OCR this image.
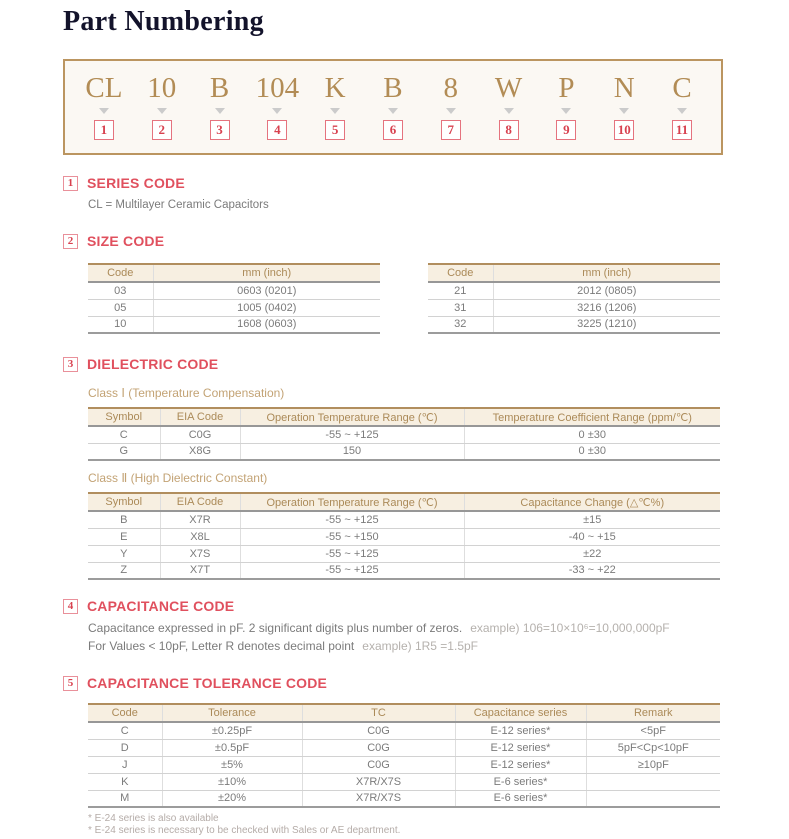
Part Numbering
CL
1
10
2
B
3
104
4
K
5
B
6
8
7
W
8
P
9
N
10
C
11
1 SERIES CODE
CL = Multilayer Ceramic Capacitors
2 SIZE CODE
Code	mm (inch)
03	0603 (0201)
05	1005 (0402)
10	1608 (0603)
Code	mm (inch)
21	2012 (0805)
31	3216 (1206)
32	3225 (1210)
3 DIELECTRIC CODE
Class Ⅰ (Temperature Compensation)
Symbol	EIA Code	Operation Temperature Range (℃)	Temperature Coefficient Range (ppm/℃)
C	C0G	-55 ~ +125	0 ±30
G	X8G	150	0 ±30
Class Ⅱ (High Dielectric Constant)
Symbol	EIA Code	Operation Temperature Range (℃)	Capacitance Change (△℃%)
B	X7R	-55 ~ +125	±15
E	X8L	-55 ~ +150	-40 ~ +15
Y	X7S	-55 ~ +125	±22
Z	X7T	-55 ~ +125	-33 ~ +22
4 CAPACITANCE CODE
Capacitance expressed in pF. 2 significant digits plus number of zeros. example) 106=10×10⁶=10,000,000pF
For Values < 10pF, Letter R denotes decimal point example) 1R5 =1.5pF
5 CAPACITANCE TOLERANCE CODE
Code	Tolerance	TC	Capacitance series	Remark
C	±0.25pF	C0G	E-12 series*	<5pF
D	±0.5pF	C0G	E-12 series*	5pF<Cp<10pF
J	±5%	C0G	E-12 series*	≥10pF
K	±10%	X7R/X7S	E-6 series*	
M	±20%	X7R/X7S	E-6 series*	
* E-24 series is also available
* E-24 series is necessary to be checked with Sales or AE department.
